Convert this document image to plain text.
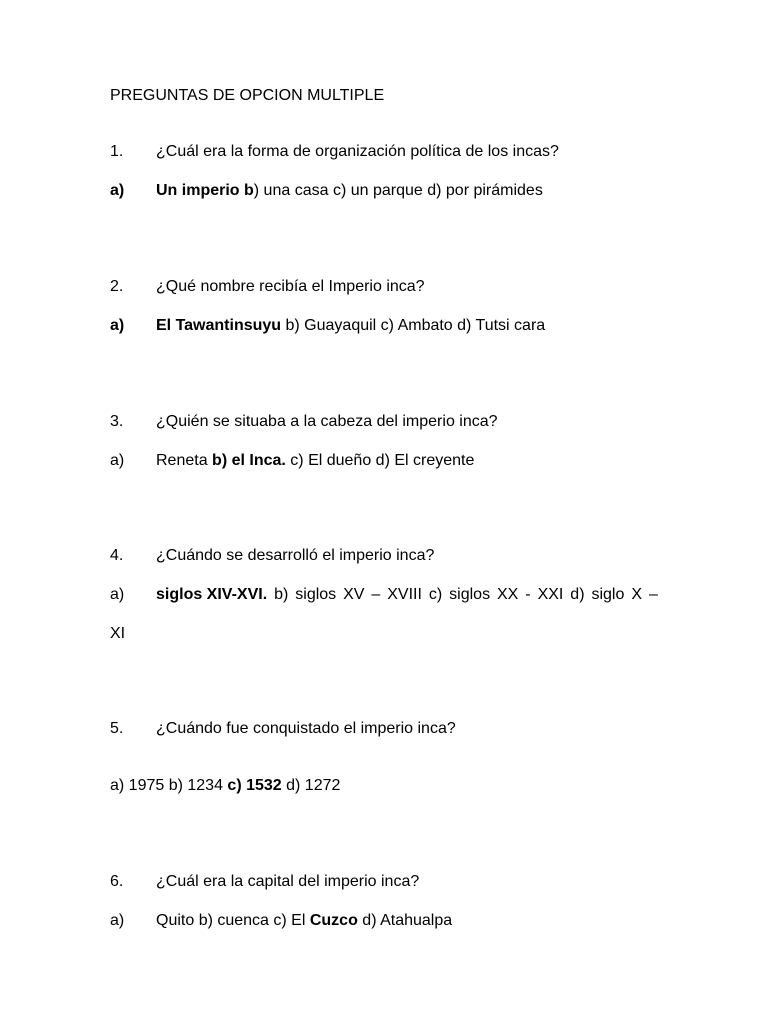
PREGUNTAS DE OPCION MULTIPLE
1. ¿Cuál era la forma de organización política de los incas?
a) Un imperio b) una casa c) un parque d) por pirámides
2. ¿Qué nombre recibía el Imperio inca?
a) El Tawantinsuyu b) Guayaquil c) Ambato d) Tutsi cara
3. ¿Quién se situaba a la cabeza del imperio inca?
a) Reneta b) el Inca. c) El dueño d) El creyente
4. ¿Cuándo se desarrolló el imperio inca?
a) siglos XIV-XVI. b) siglos XV – XVIII c) siglos XX - XXI d) siglo X –
XI
5. ¿Cuándo fue conquistado el imperio inca?
a) 1975 b) 1234 c) 1532 d) 1272
6. ¿Cuál era la capital del imperio inca?
a) Quito b) cuenca c) El Cuzco d) Atahualpa
